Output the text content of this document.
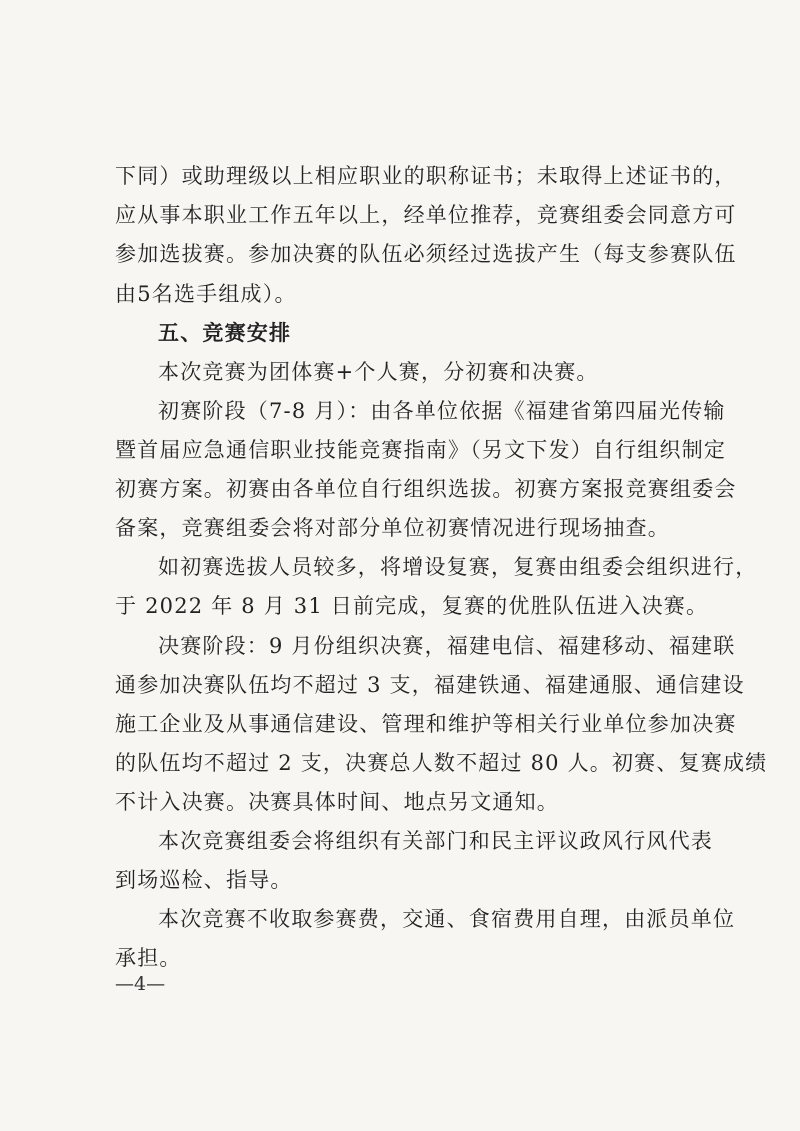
下同）或助理级以上相应职业的职称证书；未取得上述证书的，
应从事本职业工作五年以上，经单位推荐，竞赛组委会同意方可
参加选拔赛。参加决赛的队伍必须经过选拔产生（每支参赛队伍
由5名选手组成）。
五、竞赛安排
本次竞赛为团体赛+个人赛，分初赛和决赛。
初赛阶段（7-8 月）：由各单位依据《福建省第四届光传输
暨首届应急通信职业技能竞赛指南》（另文下发）自行组织制定
初赛方案。初赛由各单位自行组织选拔。初赛方案报竞赛组委会
备案，竞赛组委会将对部分单位初赛情况进行现场抽查。
如初赛选拔人员较多，将增设复赛，复赛由组委会组织进行，
于 2022 年 8 月 31 日前完成，复赛的优胜队伍进入决赛。
决赛阶段：9 月份组织决赛，福建电信、福建移动、福建联
通参加决赛队伍均不超过 3 支，福建铁通、福建通服、通信建设
施工企业及从事通信建设、管理和维护等相关行业单位参加决赛
的队伍均不超过 2 支，决赛总人数不超过 80 人。初赛、复赛成绩
不计入决赛。决赛具体时间、地点另文通知。
本次竞赛组委会将组织有关部门和民主评议政风行风代表
到场巡检、指导。
本次竞赛不收取参赛费，交通、食宿费用自理，由派员单位
承担。
—4—
